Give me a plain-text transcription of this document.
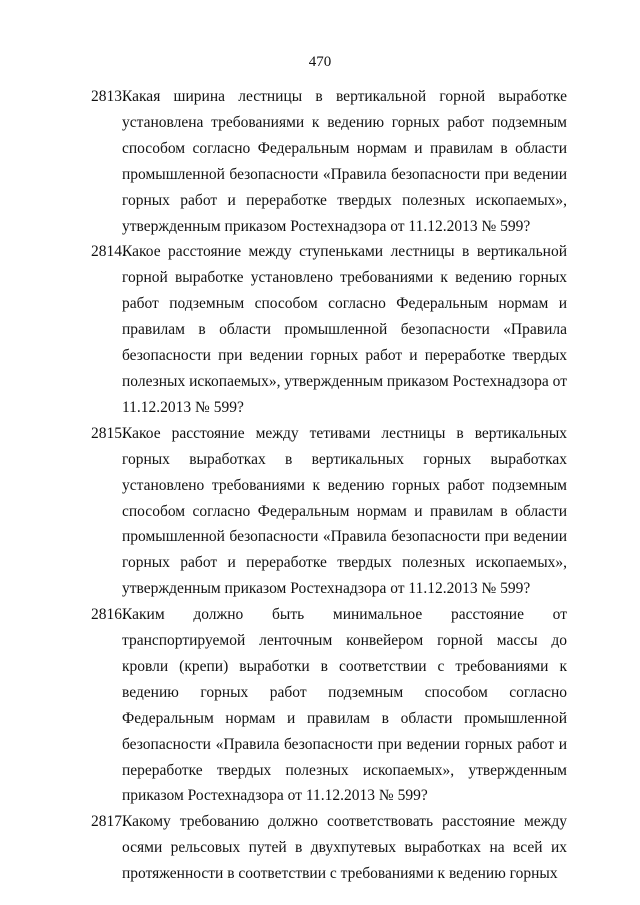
470

2813.
Какая ширина лестницы в вертикальной горной выработке установлена требованиями к ведению горных работ подземным способом согласно Федеральным нормам и правилам в области промышленной безопасности «Правила безопасности при ведении горных работ и переработке твердых полезных ископаемых», утвержденным приказом Ростехнадзора от 11.12.2013 № 599?

2814.
Какое расстояние между ступеньками лестницы в вертикальной горной выработке установлено требованиями к ведению горных работ подземным способом согласно Федеральным нормам и правилам в области промышленной безопасности «Правила безопасности при ведении горных работ и переработке твердых полезных ископаемых», утвержденным приказом Ростехнадзора от 11.12.2013 № 599?

2815.
Какое расстояние между тетивами лестницы в вертикальных горных выработках в вертикальных горных выработках установлено требованиями к ведению горных работ подземным способом согласно Федеральным нормам и правилам в области промышленной безопасности «Правила безопасности при ведении горных работ и переработке твердых полезных ископаемых», утвержденным приказом Ростехнадзора от 11.12.2013 № 599?

2816.
Каким должно быть минимальное расстояние от транспортируемой ленточным конвейером горной массы до кровли (крепи) выработки в соответствии с требованиями к ведению горных работ подземным способом согласно Федеральным нормам и правилам в области промышленной безопасности «Правила безопасности при ведении горных работ и переработке твердых полезных ископаемых», утвержденным приказом Ростехнадзора от 11.12.2013 № 599?

2817.
Какому требованию должно соответствовать расстояние между осями рельсовых путей в двухпутевых выработках на всей их протяженности в соответствии с требованиями к ведению горных
